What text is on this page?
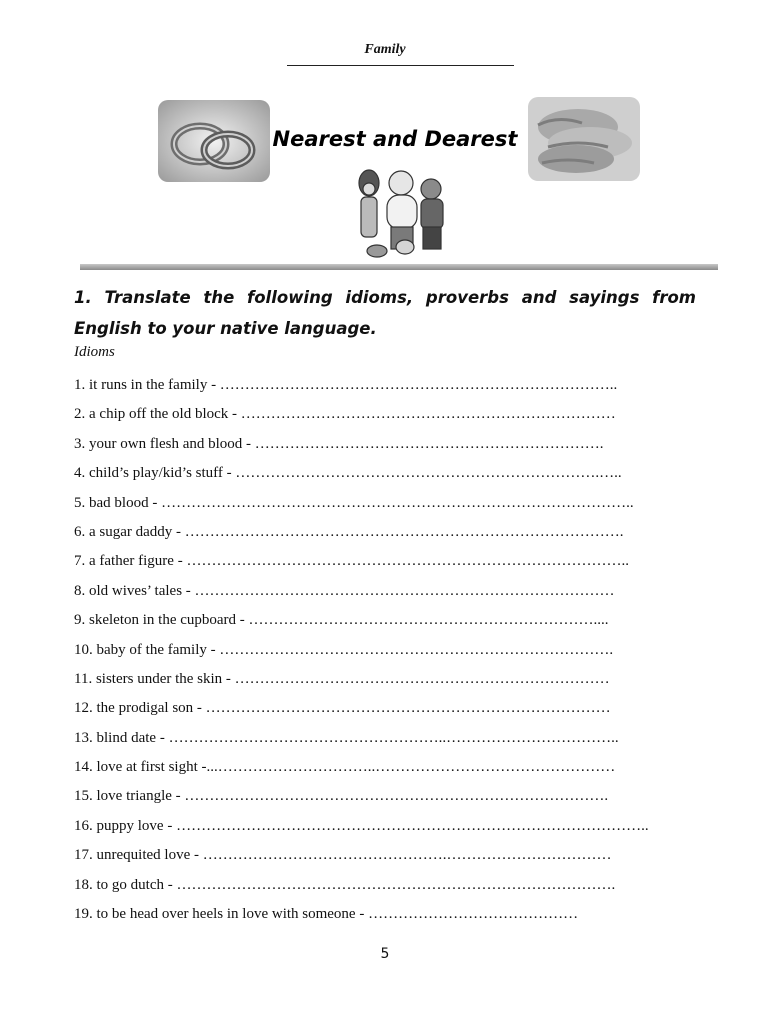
Family
Nearest and Dearest
1. Translate the following idioms, proverbs and sayings from English to your native language.
Idioms
1. it runs in the family - ……………………………………………………………………..
2. a chip off the old block - …………………………………………………………………
3. your own flesh and blood - …………………………………………………………….
4. child’s play/kid’s stuff - ……………………………………………………………….…..
5. bad blood - …………………………………………………………………………………..
6. a sugar daddy - …………………………………………………………………………….
7. a father figure - ……………………………………………………………………………..
8. old wives’ tales - …………………………………………………………………………
9. skeleton in the cupboard - ……………………………………………………………....
10. baby of the family - …………………………………………………………………….
11. sisters under the skin - …………………………………………………………………
12. the prodigal son - ………………………………………………………………………
13. blind date - ………………………………………………..……………………………..
14. love at first sight -...…………………………..…………………………………………
15. love triangle - ………………………………………………………………………….
16. puppy love - …………………………………………………………………………………..
17. unrequited love - ………………………………………….……………………………
18. to go dutch - …………………………………………………………………………….
19. to be head over heels in love with someone - ……………………………………
5
